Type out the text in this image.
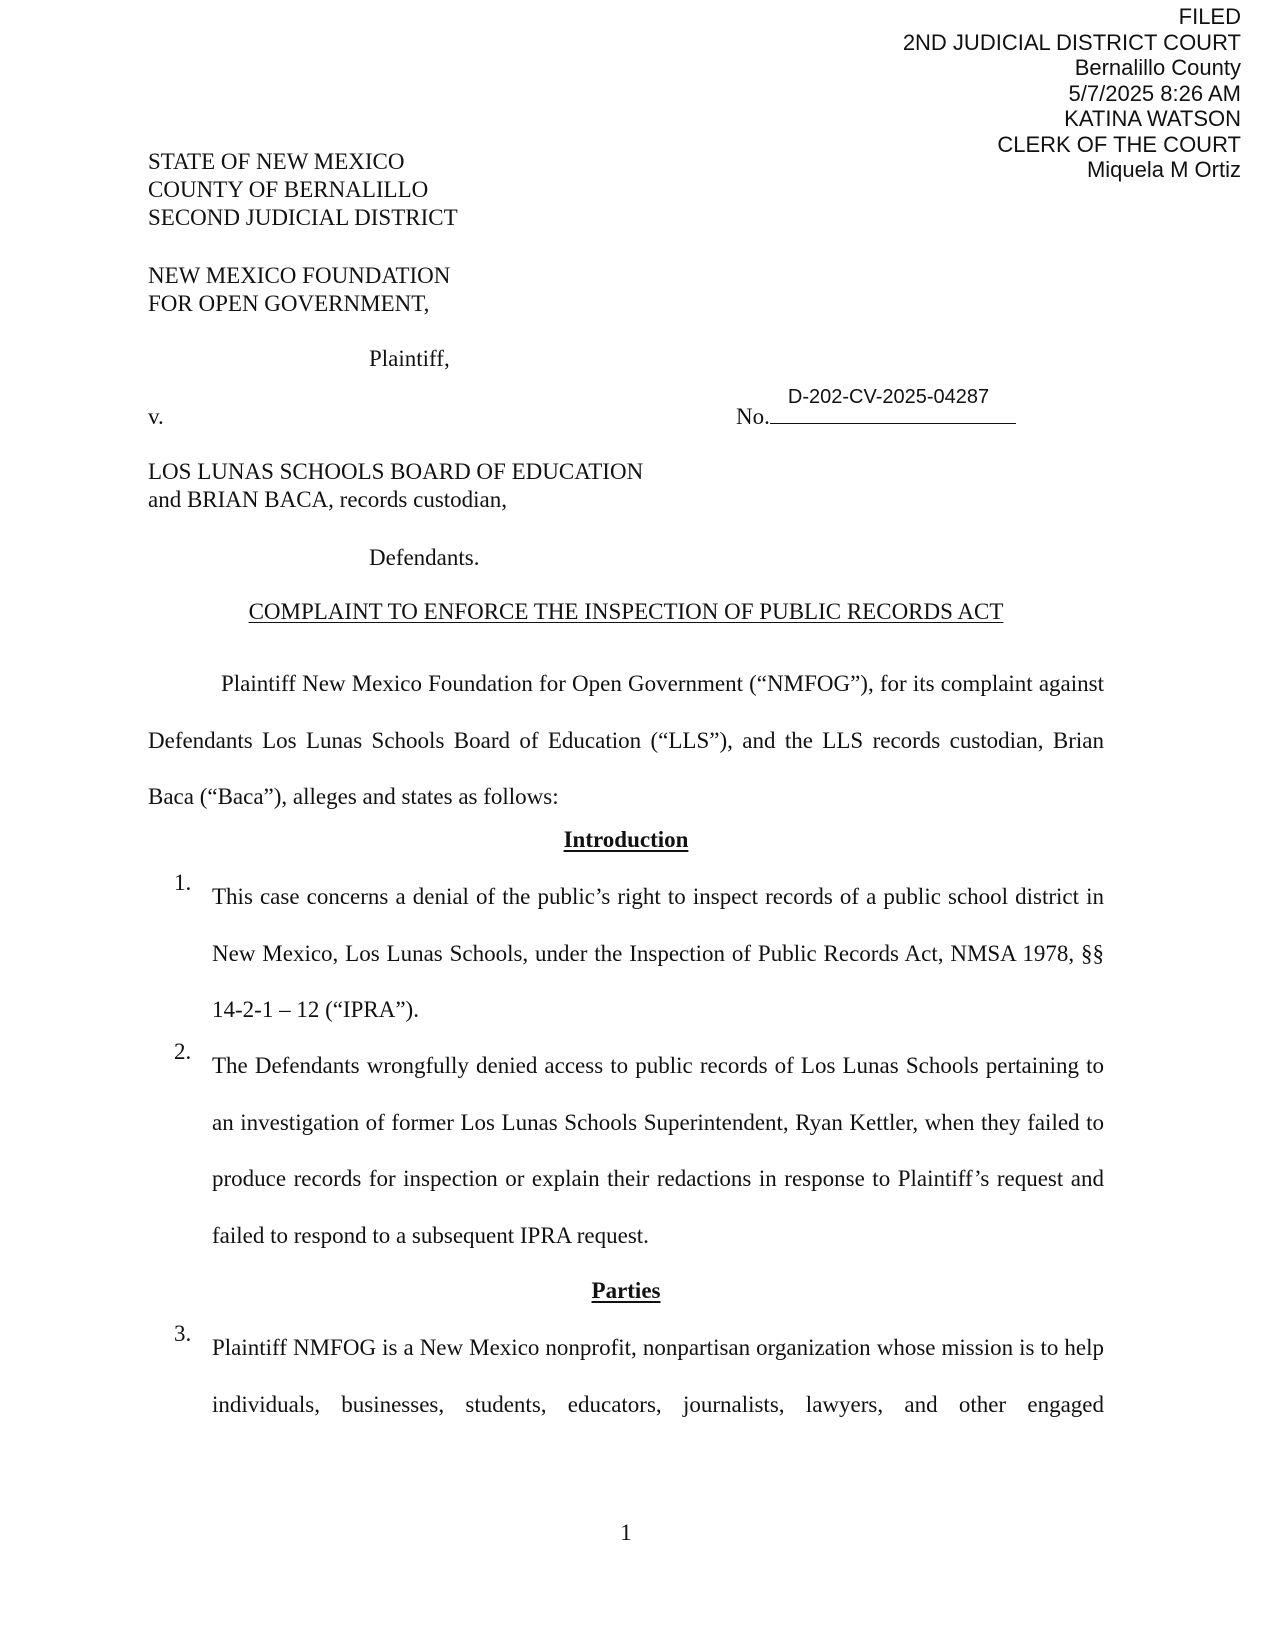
FILED
2ND JUDICIAL DISTRICT COURT
Bernalillo County
5/7/2025 8:26 AM
KATINA WATSON
CLERK OF THE COURT
Miquela M Ortiz
STATE OF NEW MEXICO
COUNTY OF BERNALILLO
SECOND JUDICIAL DISTRICT
NEW MEXICO FOUNDATION
FOR OPEN GOVERNMENT,
Plaintiff,
v.	No.
D-202-CV-2025-04287
LOS LUNAS SCHOOLS BOARD OF EDUCATION
and BRIAN BACA, records custodian,
Defendants.
COMPLAINT TO ENFORCE THE INSPECTION OF PUBLIC RECORDS ACT
Plaintiff New Mexico Foundation for Open Government (“NMFOG”), for its complaint against Defendants Los Lunas Schools Board of Education (“LLS”), and the LLS records custodian, Brian Baca (“Baca”), alleges and states as follows:
Introduction
1.
This case concerns a denial of the public’s right to inspect records of a public school district in New Mexico, Los Lunas Schools, under the Inspection of Public Records Act, NMSA 1978, §§ 14-2-1 – 12 (“IPRA”).
2.
The Defendants wrongfully denied access to public records of Los Lunas Schools pertaining to an investigation of former Los Lunas Schools Superintendent, Ryan Kettler, when they failed to produce records for inspection or explain their redactions in response to Plaintiff’s request and failed to respond to a subsequent IPRA request.
Parties
3.
Plaintiff NMFOG is a New Mexico nonprofit, nonpartisan organization whose mission is to help individuals, businesses, students, educators, journalists, lawyers, and other engaged
1
